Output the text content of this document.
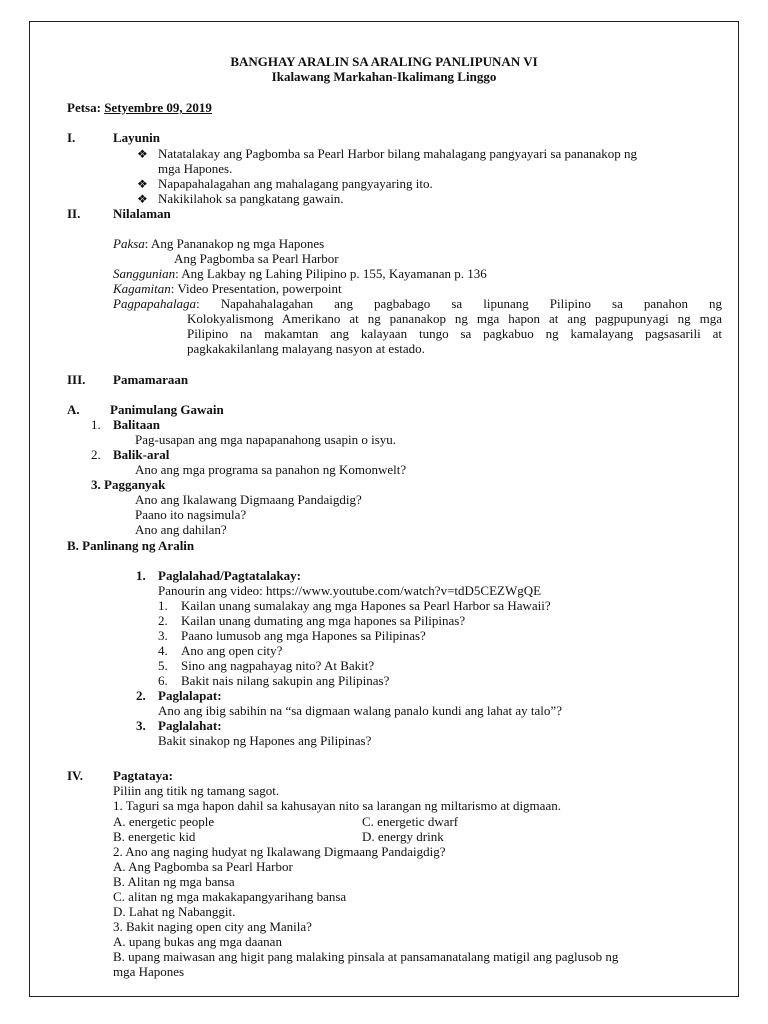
BANGHAY ARALIN SA ARALING PANLIPUNAN VI
Ikalawang Markahan-Ikalimang Linggo
Petsa: Setyembre 09, 2019
I.	Layunin
❖ Natatalakay ang Pagbomba sa Pearl Harbor bilang mahalagang pangyayari sa pananakop ng
mga Hapones.
❖ Napapahalagahan ang mahalagang pangyayaring ito.
❖ Nakikilahok sa pangkatang gawain.
II.	Nilalaman
Paksa: Ang Pananakop ng mga Hapones
Ang Pagbomba sa Pearl Harbor
Sanggunian: Ang Lakbay ng Lahing Pilipino p. 155, Kayamanan p. 136
Kagamitan: Video Presentation, powerpoint
Pagpapahalaga: Napahahalagahan ang pagbabago sa lipunang Pilipino sa panahon ng
Kolokyalismong Amerikano at ng pananakop ng mga hapon at ang pagpupunyagi ng mga
Pilipino na makamtan ang kalayaan tungo sa pagkabuo ng kamalayang pagsasarili at
pagkakakilanlang malayang nasyon at estado.
III. Pamamaraan
A. Panimulang Gawain
1. Balitaan
Pag-usapan ang mga napapanahong usapin o isyu.
2. Balik-aral
Ano ang mga programa sa panahon ng Komonwelt?
3. Pagganyak
Ano ang Ikalawang Digmaang Pandaigdig?
Paano ito nagsimula?
Ano ang dahilan?
B. Panlinang ng Aralin
1. Paglalahad/Pagtatalakay:
Panourin ang video: https://www.youtube.com/watch?v=tdD5CEZWgQE
1. Kailan unang sumalakay ang mga Hapones sa Pearl Harbor sa Hawaii?
2. Kailan unang dumating ang mga hapones sa Pilipinas?
3. Paano lumusob ang mga Hapones sa Pilipinas?
4. Ano ang open city?
5. Sino ang nagpahayag nito? At Bakit?
6. Bakit nais nilang sakupin ang Pilipinas?
2. Paglalapat:
Ano ang ibig sabihin na “sa digmaan walang panalo kundi ang lahat ay talo”?
3. Paglalahat:
Bakit sinakop ng Hapones ang Pilipinas?
IV. Pagtataya:
Piliin ang titik ng tamang sagot.
1. Taguri sa mga hapon dahil sa kahusayan nito sa larangan ng miltarismo at digmaan.
A. energetic people	C. energetic dwarf
B. energetic kid	D. energy drink
2. Ano ang naging hudyat ng Ikalawang Digmaang Pandaigdig?
A. Ang Pagbomba sa Pearl Harbor
B. Alitan ng mga bansa
C. alitan ng mga makakapangyarihang bansa
D. Lahat ng Nabanggit.
3. Bakit naging open city ang Manila?
A. upang bukas ang mga daanan
B. upang maiwasan ang higit pang malaking pinsala at pansamanatalang matigil ang paglusob ng
mga Hapones
